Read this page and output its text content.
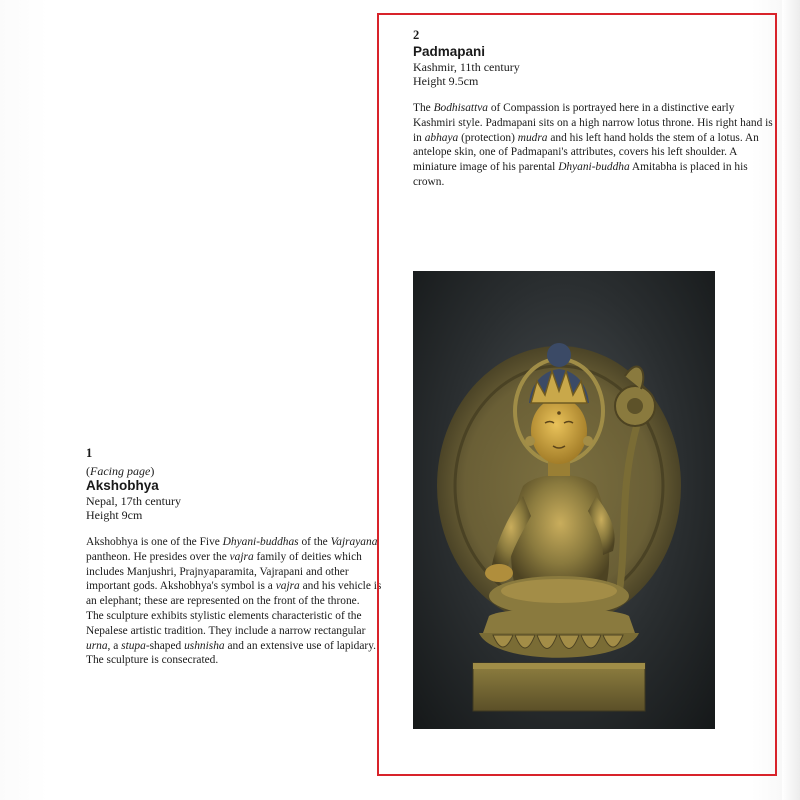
2
Padmapani
Kashmir, 11th century
Height 9.5cm
The Bodhisattva of Compassion is portrayed here in a distinctive early Kashmiri style. Padmapani sits on a high narrow lotus throne. His right hand is in abhaya (protection) mudra and his left hand holds the stem of a lotus. An antelope skin, one of Padmapani's attributes, covers his left shoulder. A miniature image of his parental Dhyani-buddha Amitabha is placed in his crown.
1
(Facing page)
Akshobhya
Nepal, 17th century
Height 9cm

Akshobhya is one of the Five Dhyani-buddhas of the Vajrayana pantheon. He presides over the vajra family of deities which includes Manjushri, Prajnyaparamita, Vajrapani and other important gods. Akshobhya's symbol is a vajra and his vehicle is an elephant; these are represented on the front of the throne.

The sculpture exhibits stylistic elements characteristic of the Nepalese artistic tradition. They include a narrow rectangular urna, a stupa-shaped ushnisha and an extensive use of lapidary.

The sculpture is consecrated.
